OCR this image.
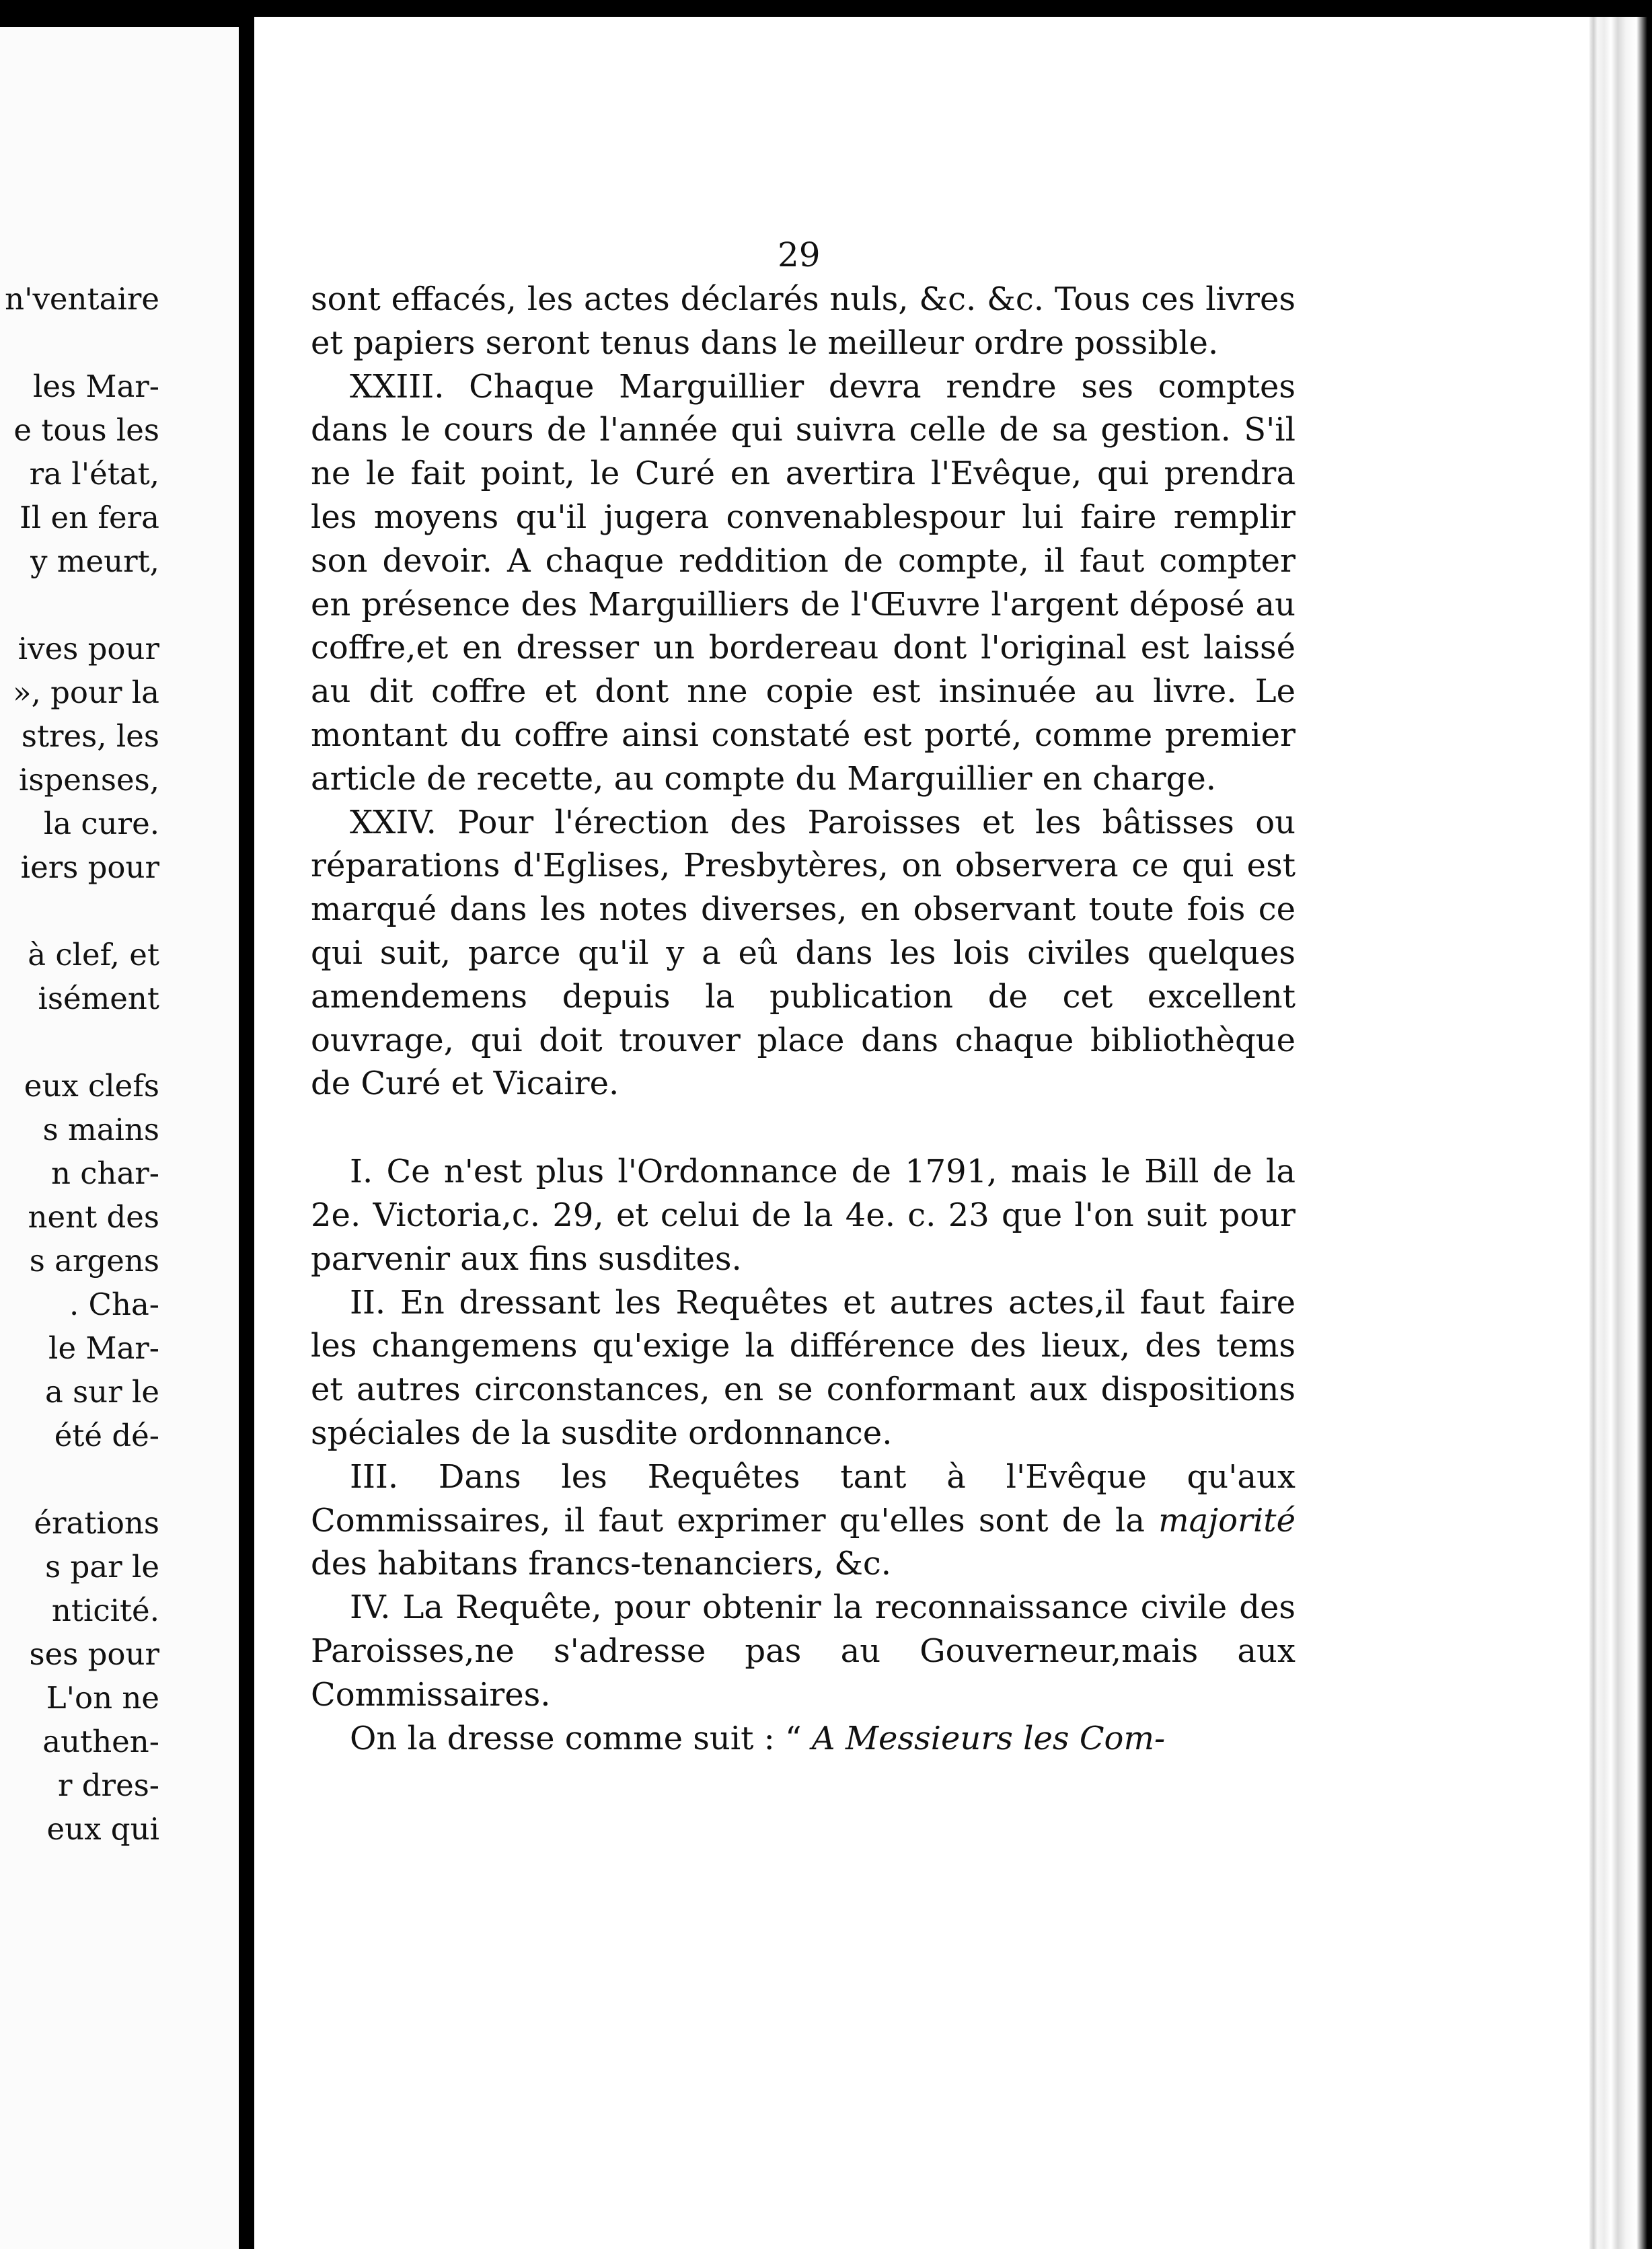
n'ventaire
les Mar-
e tous les
ra l'état,
Il en fera
y meurt,
ives pour
», pour la
stres, les
ispenses,
la cure.
iers pour
à clef, et
isément
eux clefs
s mains
n char-
nent des
s argens
. Cha-
le Mar-
a sur le
été dé-
érations
s par le
nticité.
ses pour
L'on ne
authen-
r dres-
eux qui
29

sont effacés, les actes déclarés nuls, &c. &c. Tous ces livres et papiers seront tenus dans le meilleur ordre possible.

XXIII. Chaque Marguillier devra rendre ses comptes dans le cours de l'année qui suivra celle de sa gestion. S'il ne le fait point, le Curé en avertira l'Evêque, qui prendra les moyens qu'il jugera convenablespour lui faire remplir son devoir. A chaque reddition de compte, il faut compter en présence des Marguilliers de l'Œuvre l'argent déposé au coffre,et en dresser un bordereau dont l'original est laissé au dit coffre et dont nne copie est insinuée au livre. Le montant du coffre ainsi constaté est porté, comme premier article de recette, au compte du Marguillier en charge.

XXIV. Pour l'érection des Paroisses et les bâtisses ou réparations d'Eglises, Presbytères, on observera ce qui est marqué dans les notes diverses, en observant toute fois ce qui suit, parce qu'il y a eû dans les lois civiles quelques amendemens depuis la publication de cet excellent ouvrage, qui doit trouver place dans chaque bibliothèque de Curé et Vicaire.

I. Ce n'est plus l'Ordonnance de 1791, mais le Bill de la 2e. Victoria,c. 29, et celui de la 4e. c. 23 que l'on suit pour parvenir aux fins susdites.

II. En dressant les Requêtes et autres actes,il faut faire les changemens qu'exige la différence des lieux, des tems et autres circonstances, en se conformant aux dispositions spéciales de la susdite ordonnance.

III. Dans les Requêtes tant à l'Evêque qu'aux Commissaires, il faut exprimer qu'elles sont de la majorité des habitans francs-tenanciers, &c.

IV. La Requête, pour obtenir la reconnaissance civile des Paroisses,ne s'adresse pas au Gouverneur,mais aux Commissaires.

On la dresse comme suit : “ A Messieurs les Com-
